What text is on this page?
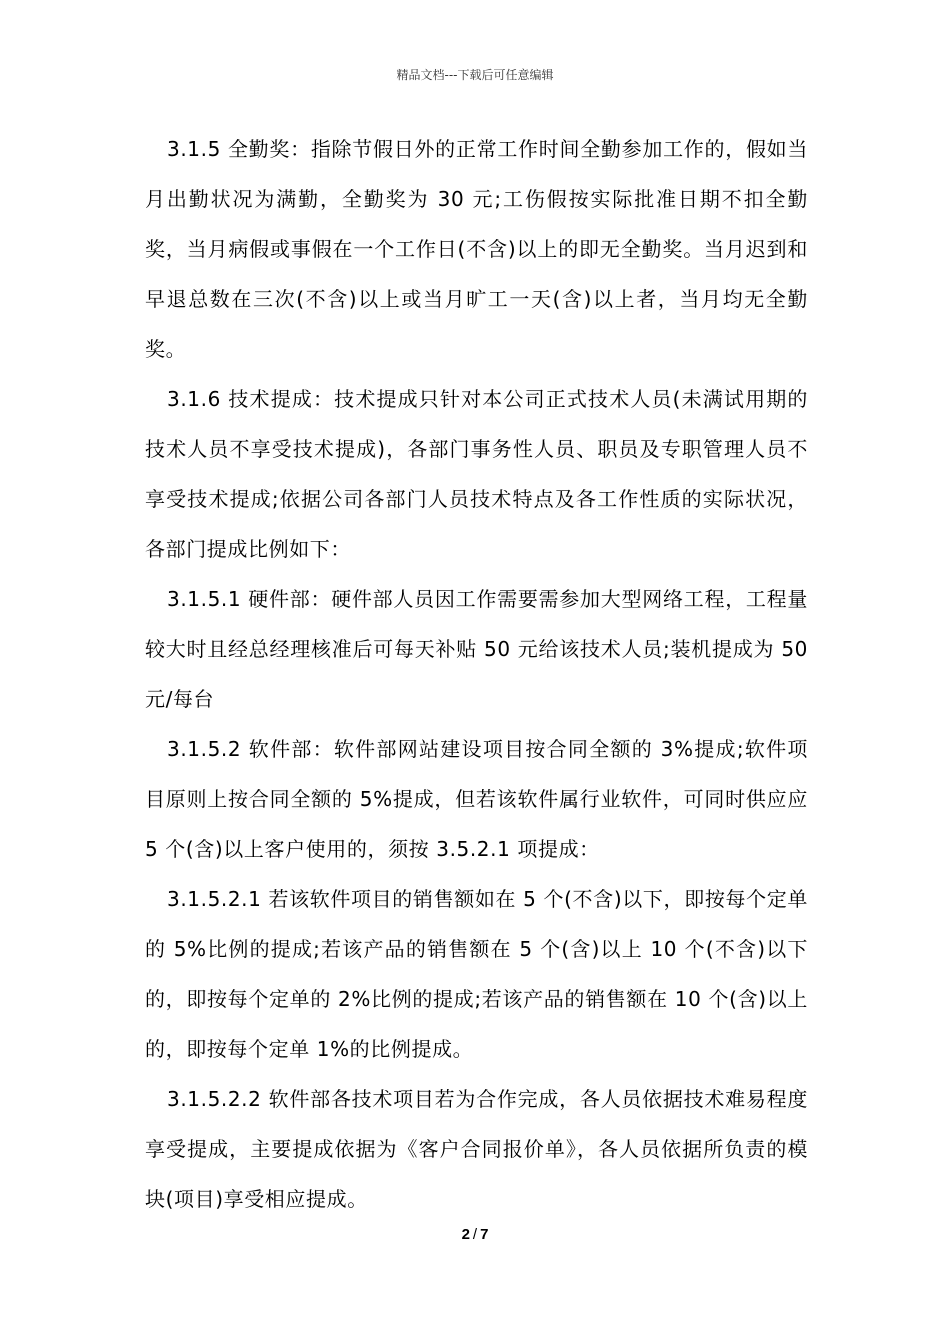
精品文档---下载后可任意编辑

3.1.5 全勤奖：指除节假日外的正常工作时间全勤参加工作的，假如当月出勤状况为满勤，全勤奖为 30 元;工伤假按实际批准日期不扣全勤奖，当月病假或事假在一个工作日(不含)以上的即无全勤奖。当月迟到和早退总数在三次(不含)以上或当月旷工一天(含)以上者，当月均无全勤奖。

3.1.6 技术提成：技术提成只针对本公司正式技术人员(未满试用期的技术人员不享受技术提成)，各部门事务性人员、职员及专职管理人员不享受技术提成;依据公司各部门人员技术特点及各工作性质的实际状况，各部门提成比例如下：

3.1.5.1 硬件部：硬件部人员因工作需要需参加大型网络工程，工程量较大时且经总经理核准后可每天补贴 50 元给该技术人员;装机提成为 50 元/每台

3.1.5.2 软件部：软件部网站建设项目按合同全额的 3%提成;软件项目原则上按合同全额的 5%提成，但若该软件属行业软件，可同时供应应 5 个(含)以上客户使用的，须按 3.5.2.1 项提成：

3.1.5.2.1 若该软件项目的销售额如在 5 个(不含)以下，即按每个定单的 5%比例的提成;若该产品的销售额在 5 个(含)以上 10 个(不含)以下的，即按每个定单的 2%比例的提成;若该产品的销售额在 10 个(含)以上的，即按每个定单 1%的比例提成。

3.1.5.2.2 软件部各技术项目若为合作完成，各人员依据技术难易程度享受提成，主要提成依据为《客户合同报价单》，各人员依据所负责的模块(项目)享受相应提成。

2 / 7
